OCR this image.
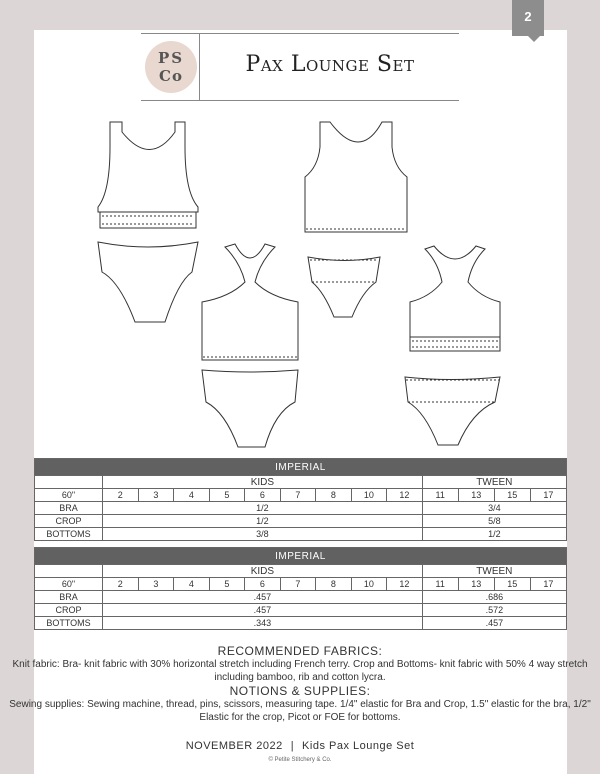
2
PS
Co	Pax Lounge Set
IMPERIAL													
	KIDS									TWEEN			
60"	2	3	4	5	6	7	8	10	12	11	13	15	17
BRA	1/2									3/4			
CROP	1/2									5/8			
BOTTOMS	3/8									1/2			
IMPERIAL													
	KIDS									TWEEN			
60"	2	3	4	5	6	7	8	10	12	11	13	15	17
BRA	.457									.686			
CROP	.457									.572			
BOTTOMS	.343									.457			
RECOMMENDED FABRICS:
Knit fabric: Bra- knit fabric with 30% horizontal stretch including French terry. Crop and Bottoms- knit fabric with 50% 4 way stretch including bamboo, rib and cotton lycra.
NOTIONS & SUPPLIES:
Sewing supplies: Sewing machine, thread, pins, scissors, measuring tape. 1/4" elastic for Bra and Crop, 1.5" elastic for the bra, 1/2" Elastic for the crop, Picot or FOE for bottoms.
NOVEMBER 2022 | Kids Pax Lounge Set
© Petite Stitchery & Co.
